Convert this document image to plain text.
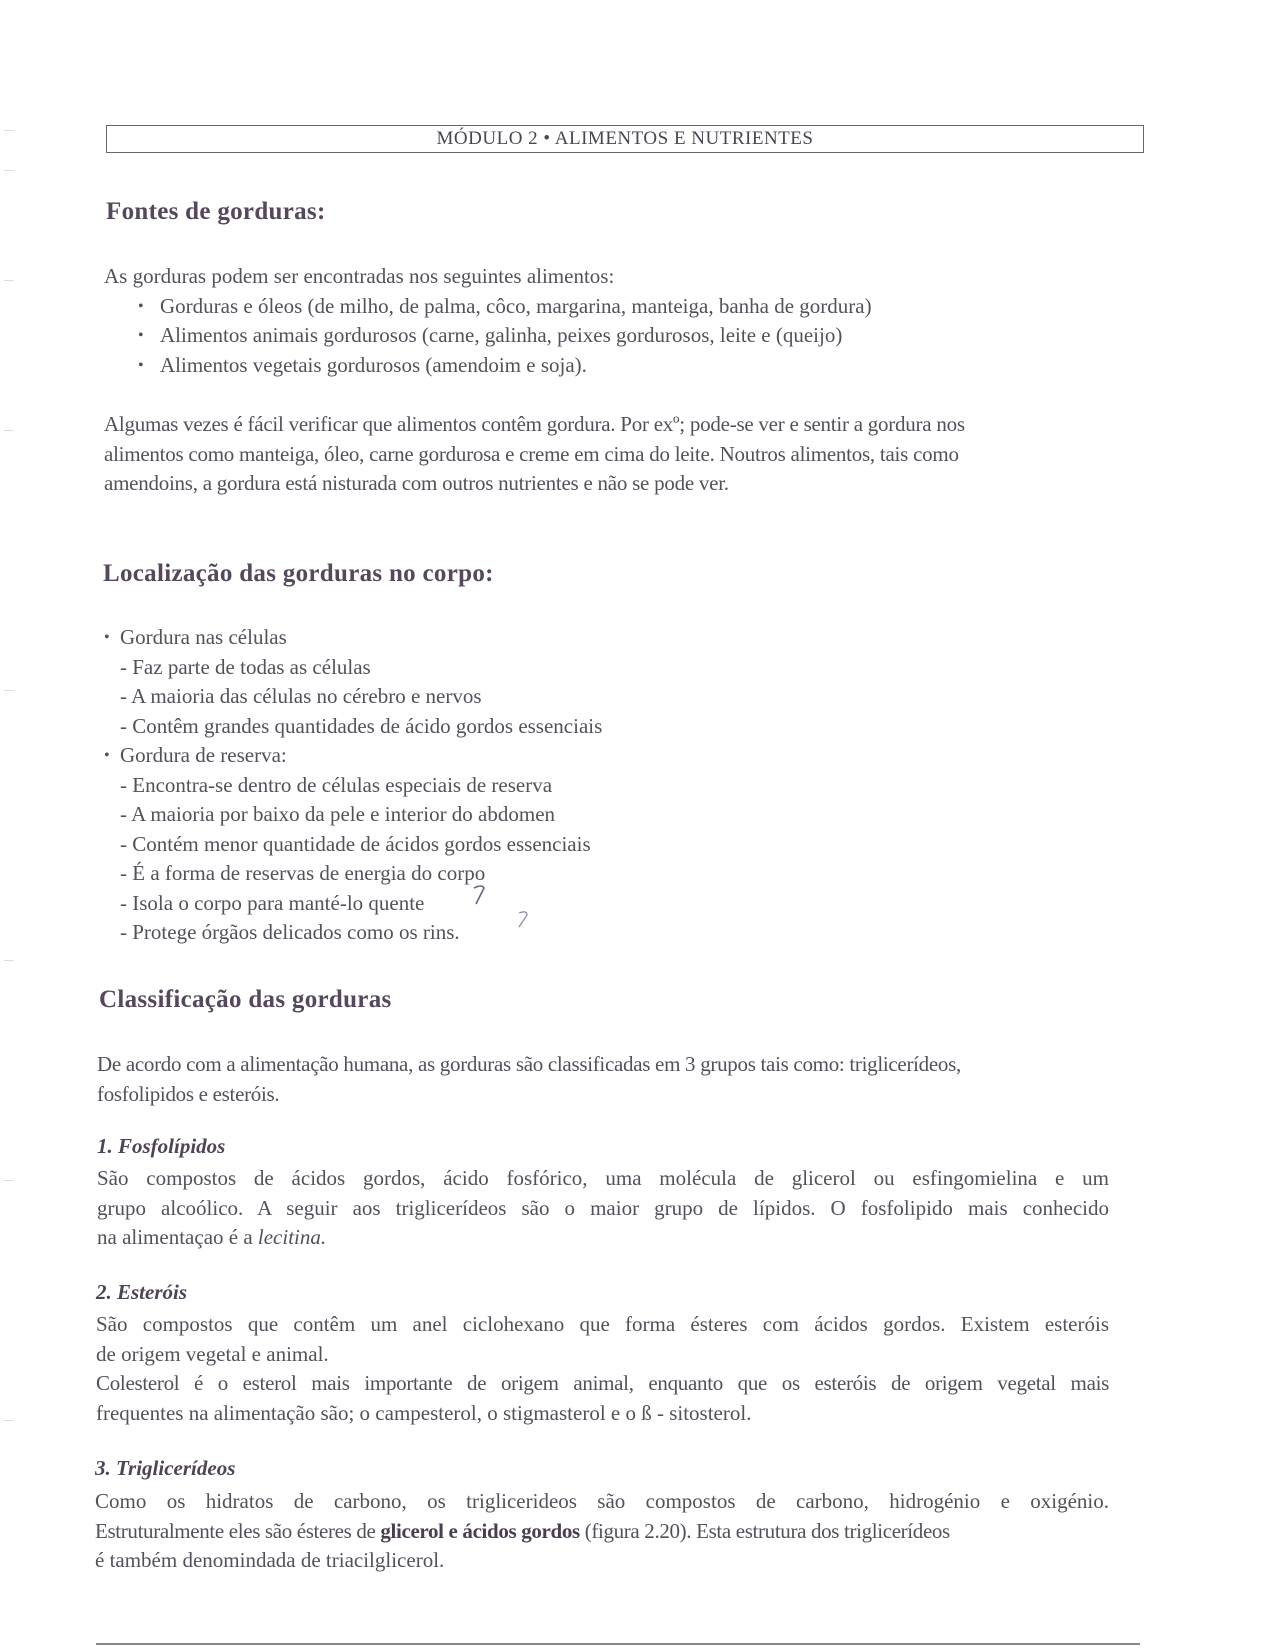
MÓDULO 2 • ALIMENTOS E NUTRIENTES
Fontes de gorduras:
As gorduras podem ser encontradas nos seguintes alimentos:
• Gorduras e óleos (de milho, de palma, côco, margarina, manteiga, banha de gordura)
• Alimentos animais gordurosos (carne, galinha, peixes gordurosos, leite e (queijo)
• Alimentos vegetais gordurosos (amendoim e soja).
Algumas vezes é fácil verificar que alimentos contêm gordura. Por exº; pode-se ver e sentir a gordura nos
alimentos como manteiga, óleo, carne gordurosa e creme em cima do leite. Noutros alimentos, tais como
amendoins, a gordura está nisturada com outros nutrientes e não se pode ver.
Localização das gorduras no corpo:
• Gordura nas células
- Faz parte de todas as células
- A maioria das células no cérebro e nervos
- Contêm grandes quantidades de ácido gordos essenciais
• Gordura de reserva:
- Encontra-se dentro de células especiais de reserva
- A maioria por baixo da pele e interior do abdomen
- Contém menor quantidade de ácidos gordos essenciais
- É a forma de reservas de energia do corpo
- Isola o corpo para manté-lo quente
- Protege órgãos delicados como os rins.
Classificação das gorduras
De acordo com a alimentação humana, as gorduras são classificadas em 3 grupos tais como: triglicerídeos,
fosfolipidos e esteróis.
1. Fosfolípidos
São compostos de ácidos gordos, ácido fosfórico, uma molécula de glicerol ou esfingomielina e um
grupo alcoólico. A seguir aos triglicerídeos são o maior grupo de lípidos. O fosfolipido mais conhecido
na alimentaçao é a lecitina.
2. Esteróis
São compostos que contêm um anel ciclohexano que forma ésteres com ácidos gordos. Existem esteróis
de origem vegetal e animal.
Colesterol é o esterol mais importante de origem animal, enquanto que os esteróis de origem vegetal mais
frequentes na alimentação são; o campesterol, o stigmasterol e o ß - sitosterol.
3. Triglicerídeos
Como os hidratos de carbono, os triglicerideos são compostos de carbono, hidrogénio e oxigénio.
Estruturalmente eles são ésteres de glicerol e ácidos gordos (figura 2.20). Esta estrutura dos triglicerídeos
é também denomindada de triacilglicerol.
